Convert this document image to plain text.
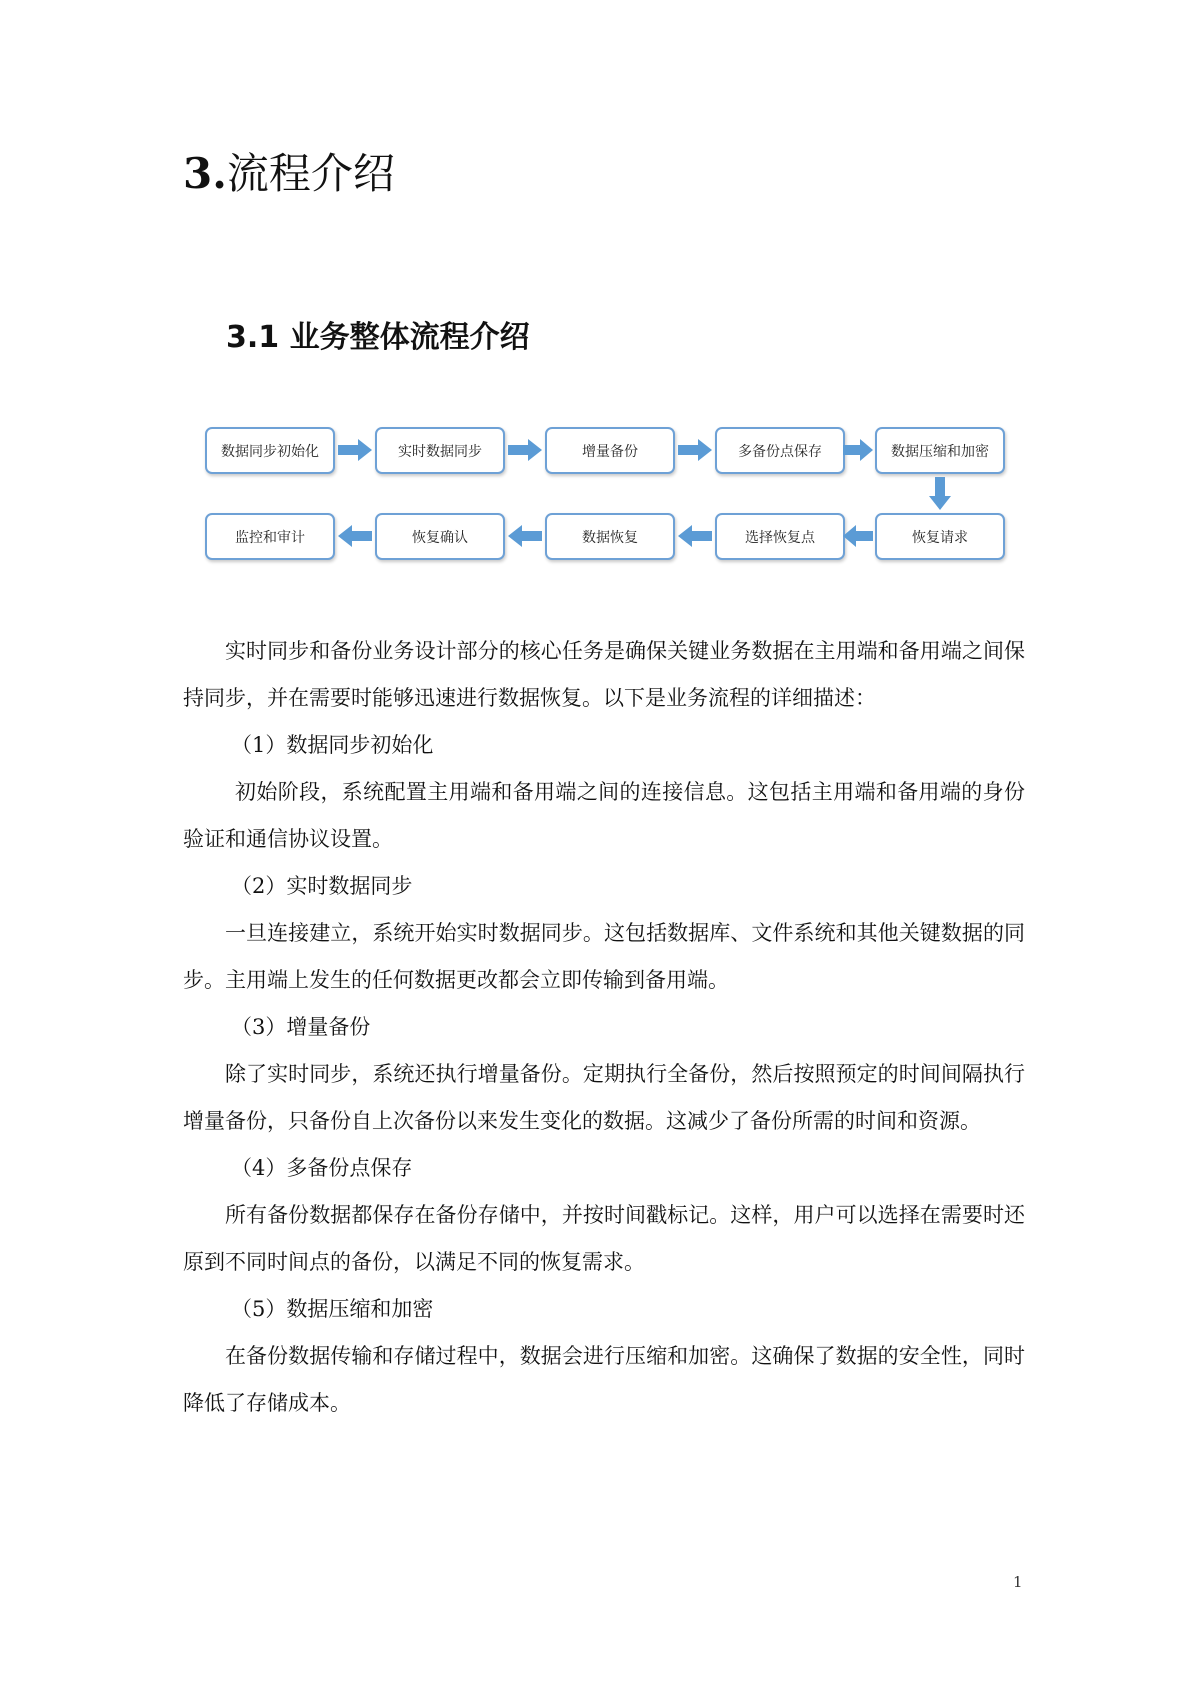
3.流程介绍
3.1 业务整体流程介绍
数据同步初始化	实时数据同步	增量备份	多备份点保存	数据压缩和加密
监控和审计	恢复确认	数据恢复	选择恢复点	恢复请求

实时同步和备份业务设计部分的核心任务是确保关键业务数据在主用端和备用端之间保持同步，并在需要时能够迅速进行数据恢复。以下是业务流程的详细描述：

（1）数据同步初始化

初始阶段，系统配置主用端和备用端之间的连接信息。这包括主用端和备用端的身份验证和通信协议设置。

（2）实时数据同步

一旦连接建立，系统开始实时数据同步。这包括数据库、文件系统和其他关键数据的同步。主用端上发生的任何数据更改都会立即传输到备用端。

（3）增量备份

除了实时同步，系统还执行增量备份。定期执行全备份，然后按照预定的时间间隔执行增量备份，只备份自上次备份以来发生变化的数据。这减少了备份所需的时间和资源。

（4）多备份点保存

所有备份数据都保存在备份存储中，并按时间戳标记。这样，用户可以选择在需要时还原到不同时间点的备份，以满足不同的恢复需求。

（5）数据压缩和加密

在备份数据传输和存储过程中，数据会进行压缩和加密。这确保了数据的安全性，同时降低了存储成本。

1
